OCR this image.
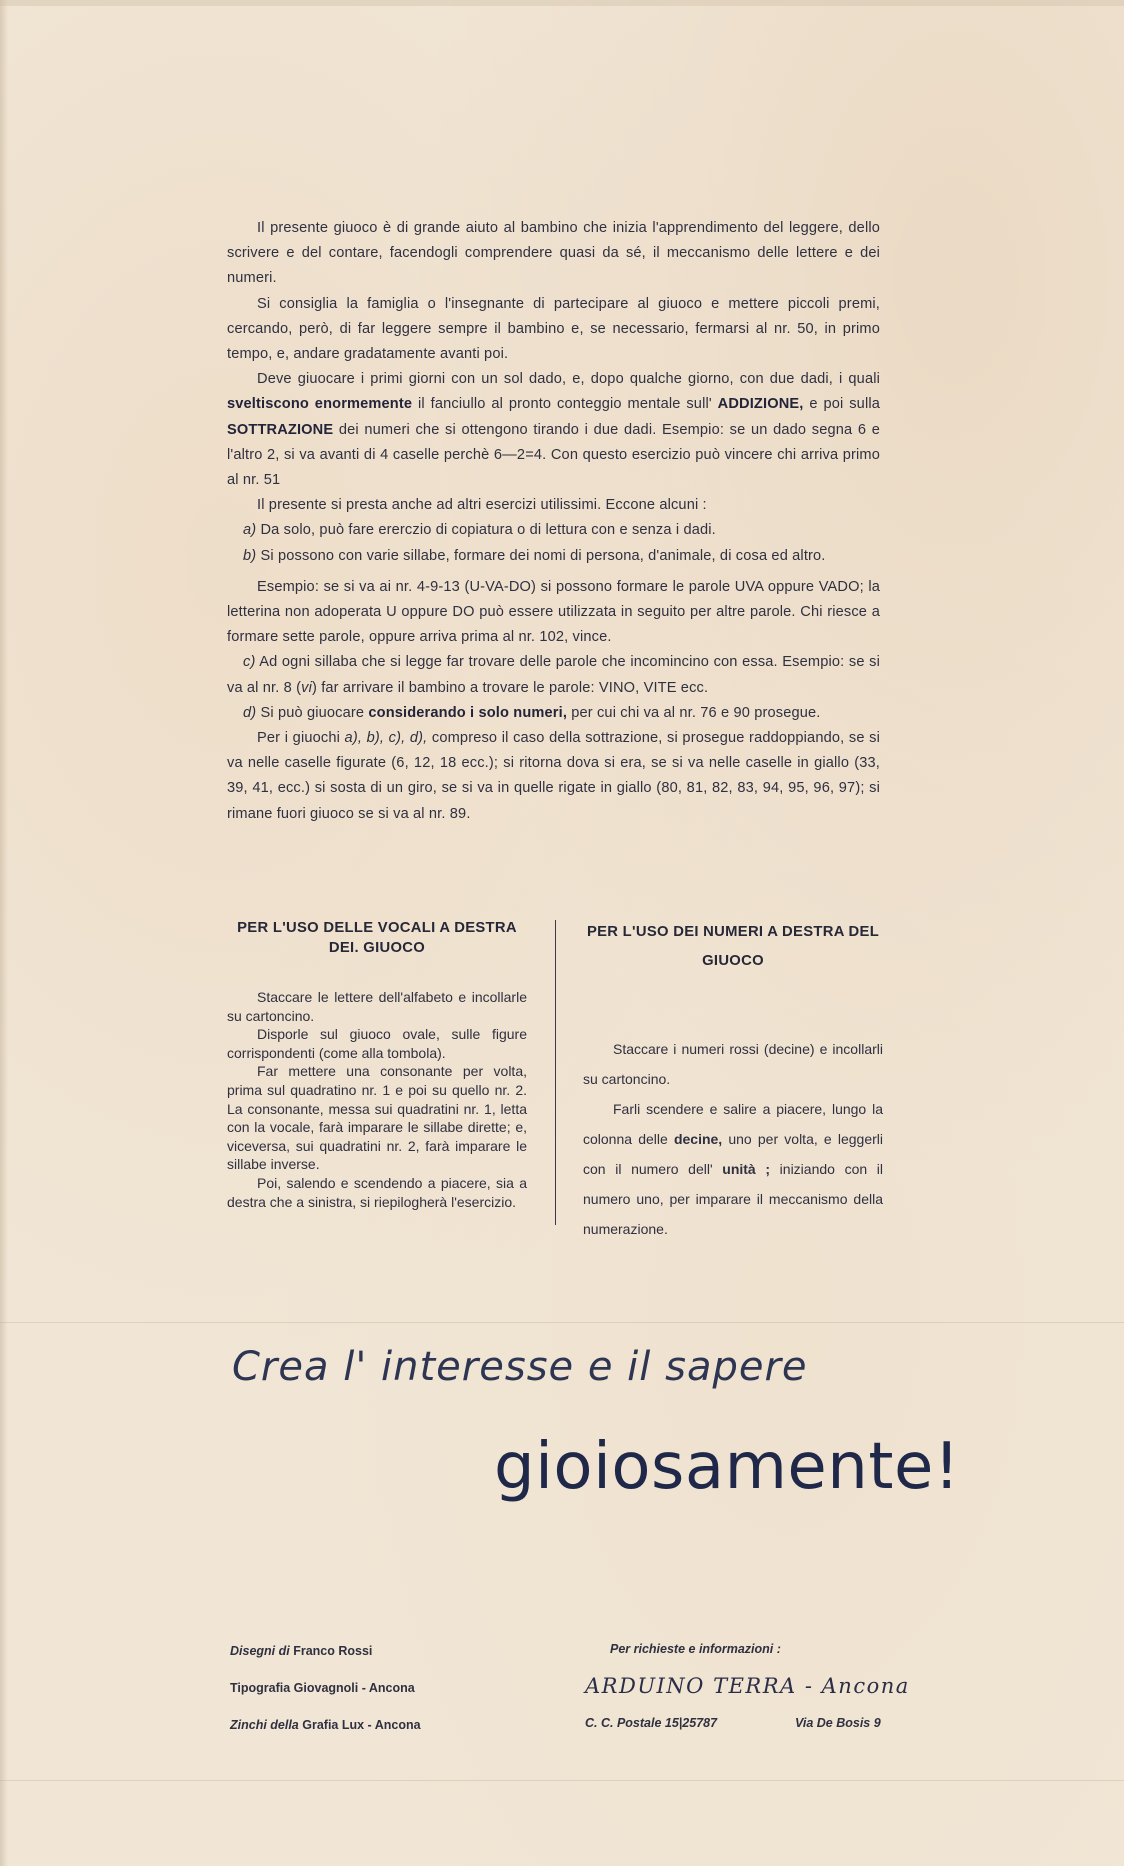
Il presente giuoco è di grande aiuto al bambino che inizia l'apprendimento del leggere, dello scrivere e del contare, facendogli comprendere quasi da sé, il meccanismo delle lettere e dei numeri.

Si consiglia la famiglia o l'insegnante di partecipare al giuoco e mettere piccoli premi, cercando, però, di far leggere sempre il bambino e, se necessario, fermarsi al nr. 50, in primo tempo, e, andare gradatamente avanti poi.

Deve giuocare i primi giorni con un sol dado, e, dopo qualche giorno, con due dadi, i quali sveltiscono enormemente il fanciullo al pronto conteggio mentale sull' ADDIZIONE, e poi sulla SOTTRAZIONE dei numeri che si ottengono tirando i due dadi. Esempio: se un dado segna 6 e l'altro 2, si va avanti di 4 caselle perchè 6—2=4. Con questo esercizio può vincere chi arriva primo al nr. 51

Il presente si presta anche ad altri esercizi utilissimi. Eccone alcuni :

a) Da solo, può fare ererczio di copiatura o di lettura con e senza i dadi.

b) Si possono con varie sillabe, formare dei nomi di persona, d'animale, di cosa ed altro.

Esempio: se si va ai nr. 4-9-13 (U-VA-DO) si possono formare le parole UVA oppure VADO; la letterina non adoperata U oppure DO può essere utilizzata in seguito per altre parole. Chi riesce a formare sette parole, oppure arriva prima al nr. 102, vince.

c) Ad ogni sillaba che si legge far trovare delle parole che incomincino con essa. Esempio: se si va al nr. 8 (vi) far arrivare il bambino a trovare le parole: VINO, VITE ecc.

d) Si può giuocare considerando i solo numeri, per cui chi va al nr. 76 e 90 prosegue.

Per i giuochi a), b), c), d), compreso il caso della sottrazione, si prosegue raddoppiando, se si va nelle caselle figurate (6, 12, 18 ecc.); si ritorna dova si era, se si va nelle caselle in giallo (33, 39, 41, ecc.) si sosta di un giro, se si va in quelle rigate in giallo (80, 81, 82, 83, 94, 95, 96, 97); si rimane fuori giuoco se si va al nr. 89.

PER L'USO DELLE VOCALI A DESTRA DEI. GIUOCO

Staccare le lettere dell'alfabeto e incollarle su cartoncino.

Disporle sul giuoco ovale, sulle figure corrispondenti (come alla tombola).

Far mettere una consonante per volta, prima sul quadratino nr. 1 e poi su quello nr. 2. La consonante, messa sui quadratini nr. 1, letta con la vocale, farà imparare le sillabe dirette; e, viceversa, sui quadratini nr. 2, farà imparare le sillabe inverse.

Poi, salendo e scendendo a piacere, sia a destra che a sinistra, si riepilogherà l'esercizio.

PER L'USO DEI NUMERI A DESTRA DEL GIUOCO

Staccare i numeri rossi (decine) e incollarli su cartoncino.

Farli scendere e salire a piacere, lungo la colonna delle decine, uno per volta, e leggerli con il numero dell' unità ; iniziando con il numero uno, per imparare il meccanismo della numerazione.

Crea l' interesse e il sapere
gioiosamente!
Disegni di Franco Rossi
Tipografia Giovagnoli - Ancona
Zinchi della Grafia Lux - Ancona
Per richieste e informazioni :
ARDUINO TERRA - Ancona
C. C. Postale 15|25787	Via De Bosis 9
